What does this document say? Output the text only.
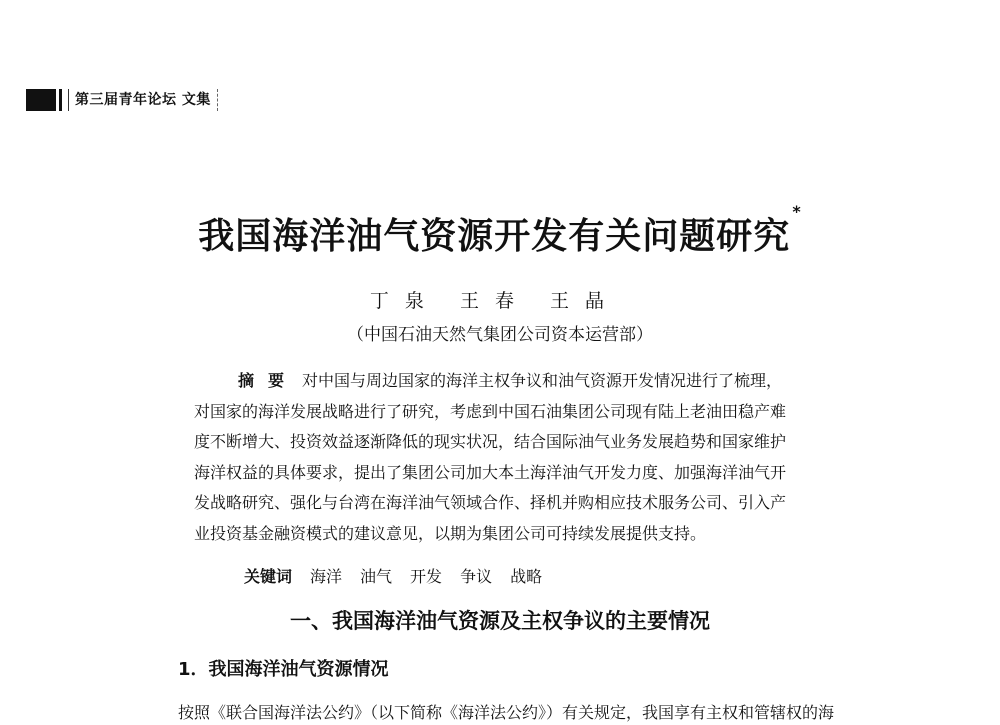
第三届青年论坛 文集
我国海洋油气资源开发有关问题研究*
丁泉 王春 王晶
（中国石油天然气集团公司资本运营部）
摘要 对中国与周边国家的海洋主权争议和油气资源开发情况进行了梳理，
对国家的海洋发展战略进行了研究，考虑到中国石油集团公司现有陆上老油田稳产难
度不断增大、投资效益逐渐降低的现实状况，结合国际油气业务发展趋势和国家维护
海洋权益的具体要求，提出了集团公司加大本土海洋油气开发力度、加强海洋油气开
发战略研究、强化与台湾在海洋油气领域合作、择机并购相应技术服务公司、引入产
业投资基金融资模式的建议意见，以期为集团公司可持续发展提供支持。
关键词 海洋 油气 开发 争议 战略
一、我国海洋油气资源及主权争议的主要情况
1．我国海洋油气资源情况
按照《联合国海洋法公约》（以下简称《海洋法公约》）有关规定，我国享有主权和管辖权的海
